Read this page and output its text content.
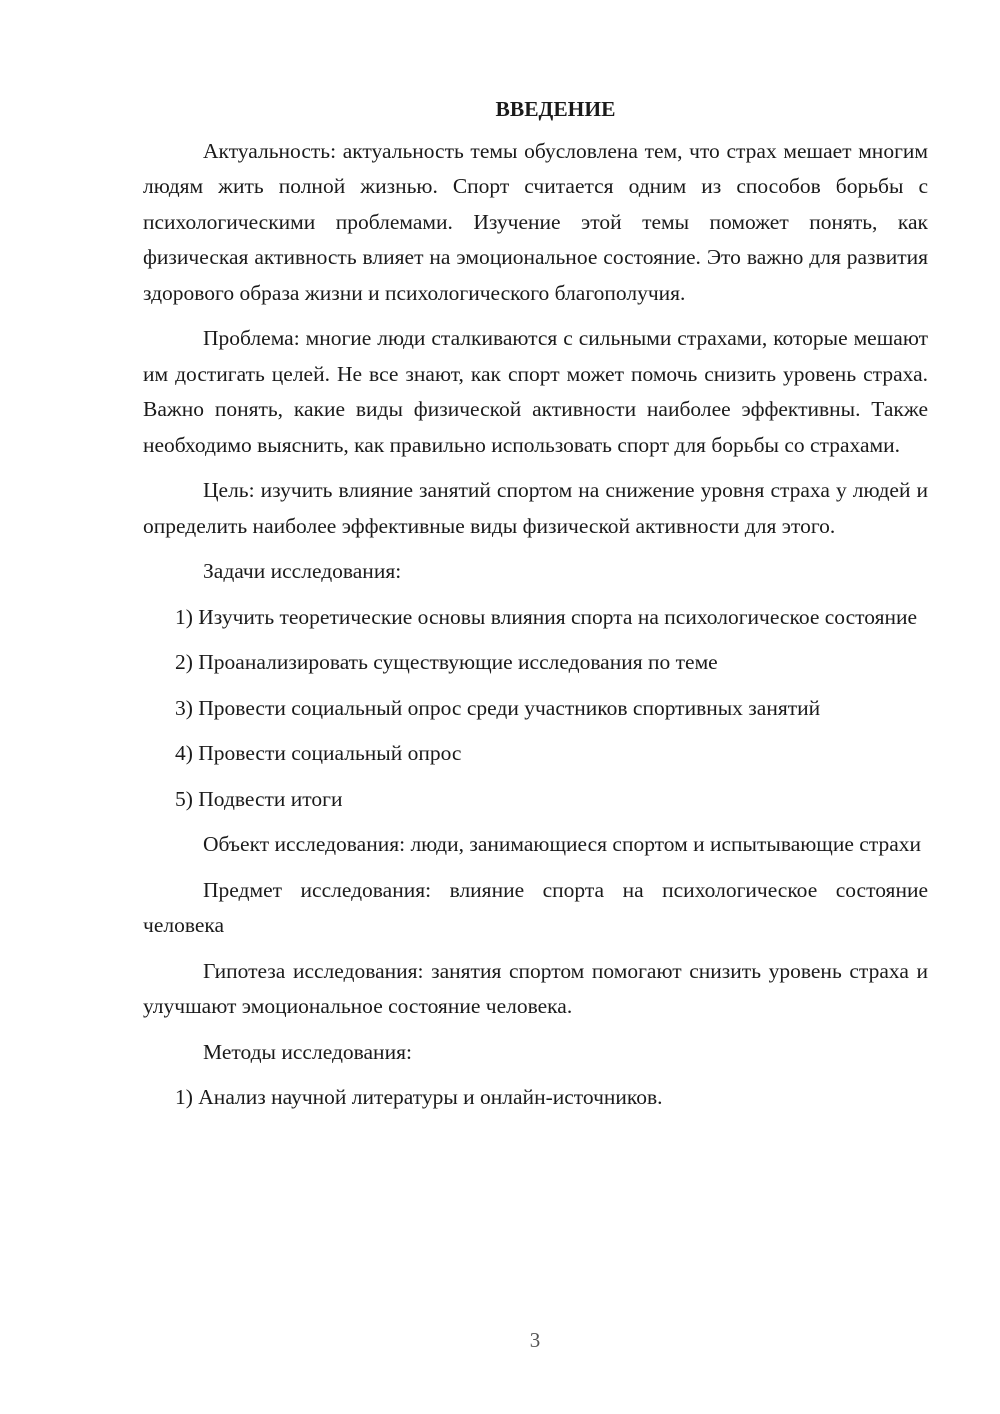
ВВЕДЕНИЕ

Актуальность: актуальность темы обусловлена тем, что страх мешает многим людям жить полной жизнью. Спорт считается одним из способов борьбы с психологическими проблемами. Изучение этой темы поможет понять, как физическая активность влияет на эмоциональное состояние. Это важно для развития здорового образа жизни и психологического благополучия.

Проблема: многие люди сталкиваются с сильными страхами, которые мешают им достигать целей. Не все знают, как спорт может помочь снизить уровень страха. Важно понять, какие виды физической активности наиболее эффективны. Также необходимо выяснить, как правильно использовать спорт для борьбы со страхами.

Цель: изучить влияние занятий спортом на снижение уровня страха у людей и определить наиболее эффективные виды физической активности для этого.

Задачи исследования:

1) Изучить теоретические основы влияния спорта на психологическое состояние

2) Проанализировать существующие исследования по теме

3) Провести социальный опрос среди участников спортивных занятий

4) Провести социальный опрос

5) Подвести итоги

Объект исследования: люди, занимающиеся спортом и испытывающие страхи

Предмет исследования: влияние спорта на психологическое состояние человека

Гипотеза исследования: занятия спортом помогают снизить уровень страха и улучшают эмоциональное состояние человека.

Методы исследования:

1) Анализ научной литературы и онлайн-источников.

3
